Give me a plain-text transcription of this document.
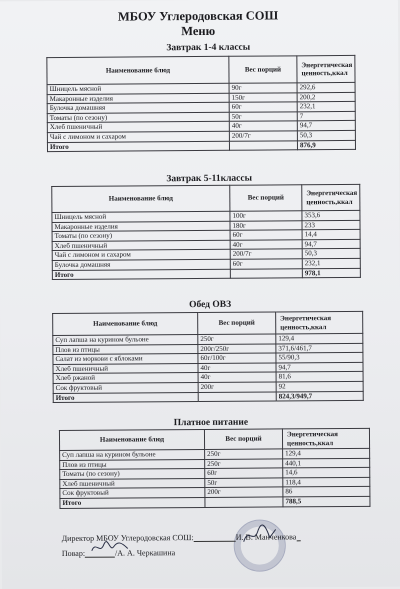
МБОУ Углеродовская СОШ
Меню
Завтрак 1-4 классы
Наименование блюд	Вес порций	Энергетическая ценность,ккал
Шницель мясной	90г	292,6
Макаронные изделия	150г	200,2
Булочка домашняя	60г	232,1
Томаты (по сезону)	50г	7
Хлеб пшеничный	40г	94,7
Чай с лимоном и сахаром	200/7г	50,3
Итого		876,9
Завтрак 5-11классы
Наименование блюд	Вес порций	Энергетическая ценность,ккал
Шницель мясной	100г	353,6
Макаронные изделия	180г	233
Томаты (по сезону)	60г	14,4
Хлеб пшеничный	40г	94,7
Чай с лимоном и сахаром	200/7г	50,3
Булочка домашняя	60г	232,1
Итого		978,1
Обед ОВЗ
Наименование блюд	Вес порций	Энергетическая ценность,ккал
Суп лапша на курином бульоне	250г	129,4
Плов из птицы	200г/250г	371,6/461,7
Салат из моркови с яблоками	60г/100г	55/90,3
Хлеб пшеничный	40г	94,7
Хлеб ржаной	40г	81,6
Сок фруктовый	200г	92
Итого		824,3/949,7
Платное питание
Наименование блюд	Вес порций	Энергетическая ценность,ккал
Суп лапша на курином бульоне	250г	129,4
Плов из птицы	250г	440,1
Томаты (по сезону)	60г	14,6
Хлеб пшеничный	50г	118,4
Сок фруктовый	200г	86
Итого		788,5
Директор МБОУ Углеродовская СОШ:	И. В. Манченкова
Повар:	/А. А. Черкашина
